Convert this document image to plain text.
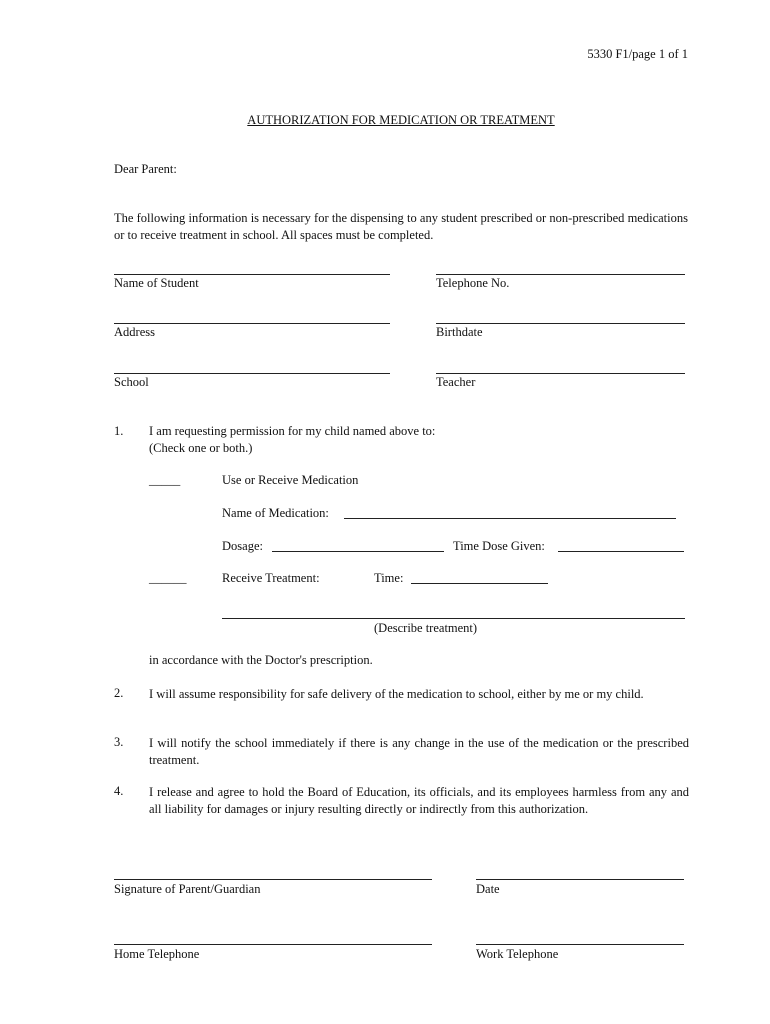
5330 F1/page 1 of 1
AUTHORIZATION FOR MEDICATION OR TREATMENT
Dear Parent:
The following information is necessary for the dispensing to any student prescribed or non-prescribed medications or to receive treatment in school. All spaces must be completed.
Name of Student	Telephone No.
Address	Birthdate
School	Teacher
1. I am requesting permission for my child named above to:
(Check one or both.)
_____	Use or Receive Medication
Name of Medication:
Dosage:	Time Dose Given:
______	Receive Treatment:	Time:
(Describe treatment)
in accordance with the Doctor's prescription.
2. I will assume responsibility for safe delivery of the medication to school, either by me or my child.
3. I will notify the school immediately if there is any change in the use of the medication or the prescribed treatment.
4. I release and agree to hold the Board of Education, its officials, and its employees harmless from any and all liability for damages or injury resulting directly or indirectly from this authorization.
Signature of Parent/Guardian	Date
Home Telephone	Work Telephone
